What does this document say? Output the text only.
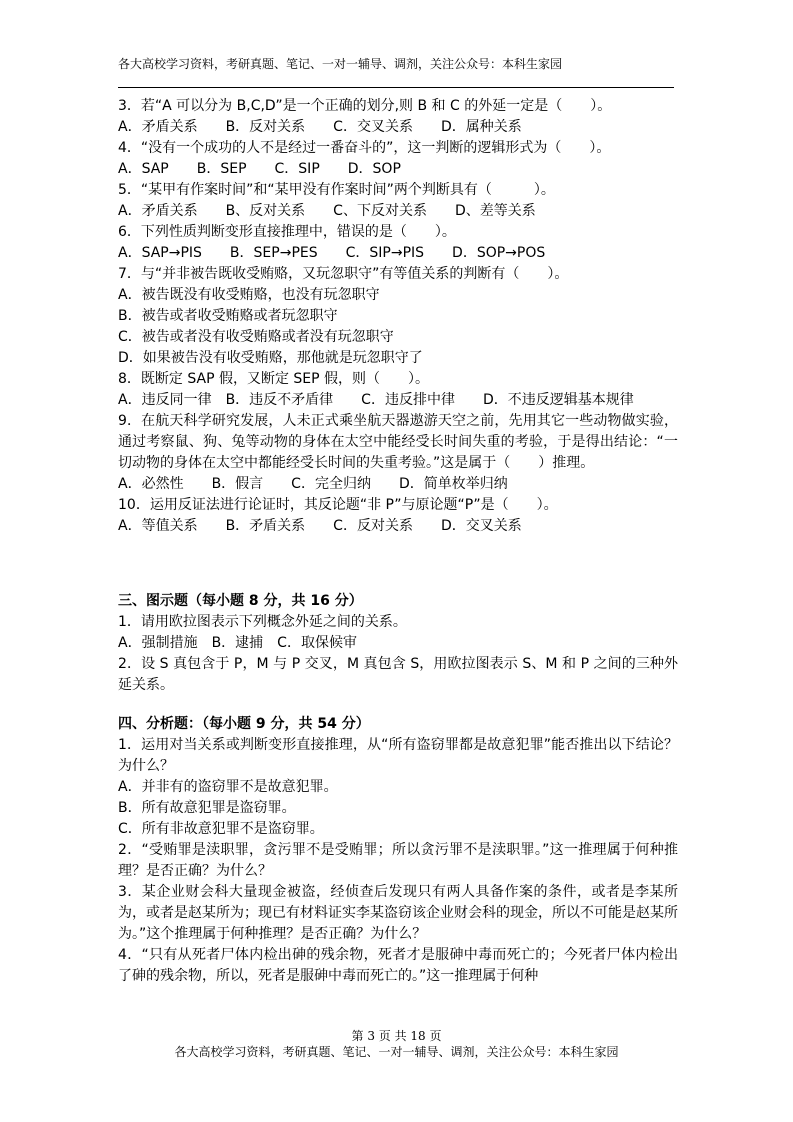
各大高校学习资料，考研真题、笔记、一对一辅导、调剂，关注公众号：本科生家园
3．若“A 可以分为 B,C,D”是一个正确的划分,则 B 和 C 的外延一定是（　　）。
A．矛盾关系　　B．反对关系　　C．交叉关系　　D．属种关系
4．“没有一个成功的人不是经过一番奋斗的”，这一判断的逻辑形式为（　　）。
A．SAP　　B．SEP　　C．SIP　　D．SOP
5．“某甲有作案时间”和“某甲没有作案时间”两个判断具有（　　　）。
A．矛盾关系　　B、反对关系　　C、下反对关系　　D、差等关系
6．下列性质判断变形直接推理中，错误的是（　　）。
A．SAP→PIS　　B．SEP→PES　　C．SIP→PIS　　D．SOP→POS
7．与“并非被告既收受贿赂，又玩忽职守”有等值关系的判断有（　　）。
A．被告既没有收受贿赂，也没有玩忽职守
B．被告或者收受贿赂或者玩忽职守
C．被告或者没有收受贿赂或者没有玩忽职守
D．如果被告没有收受贿赂，那他就是玩忽职守了
8．既断定 SAP 假，又断定 SEP 假，则（　　）。
A．违反同一律　B．违反不矛盾律　　C．违反排中律　　D．不违反逻辑基本规律
9．在航天科学研究发展，人未正式乘坐航天器遨游天空之前，先用其它一些动物做实验，通过考察鼠、狗、兔等动物的身体在太空中能经受长时间失重的考验，于是得出结论：“一切动物的身体在太空中都能经受长时间的失重考验。”这是属于（　　）推理。
A．必然性　　B．假言　　C．完全归纳　　D．简单枚举归纳
10．运用反证法进行论证时，其反论题“非 P”与原论题“P”是（　　）。
A．等值关系　　B．矛盾关系　　C．反对关系　　D．交叉关系
三、图示题（每小题 8 分，共 16 分）
1．请用欧拉图表示下列概念外延之间的关系。
A．强制措施　B．逮捕　C．取保候审
2．设 S 真包含于 P，M 与 P 交叉，M 真包含 S，用欧拉图表示 S、M 和 P 之间的三种外延关系。
四、分析题：（每小题 9 分，共 54 分）
1．运用对当关系或判断变形直接推理，从“所有盗窃罪都是故意犯罪”能否推出以下结论？为什么？
A．并非有的盗窃罪不是故意犯罪。
B．所有故意犯罪是盗窃罪。
C．所有非故意犯罪不是盗窃罪。
2．“受贿罪是渎职罪，贪污罪不是受贿罪；所以贪污罪不是渎职罪。”这一推理属于何种推理？是否正确？为什么？
3．某企业财会科大量现金被盗，经侦查后发现只有两人具备作案的条件，或者是李某所为，或者是赵某所为；现已有材料证实李某盗窃该企业财会科的现金，所以不可能是赵某所为。”这个推理属于何种推理？是否正确？为什么？
4．“只有从死者尸体内检出砷的残余物，死者才是服砷中毒而死亡的；今死者尸体内检出了砷的残余物，所以，死者是服砷中毒而死亡的。”这一推理属于何种
第 3 页 共 18 页
各大高校学习资料，考研真题、笔记、一对一辅导、调剂，关注公众号：本科生家园
